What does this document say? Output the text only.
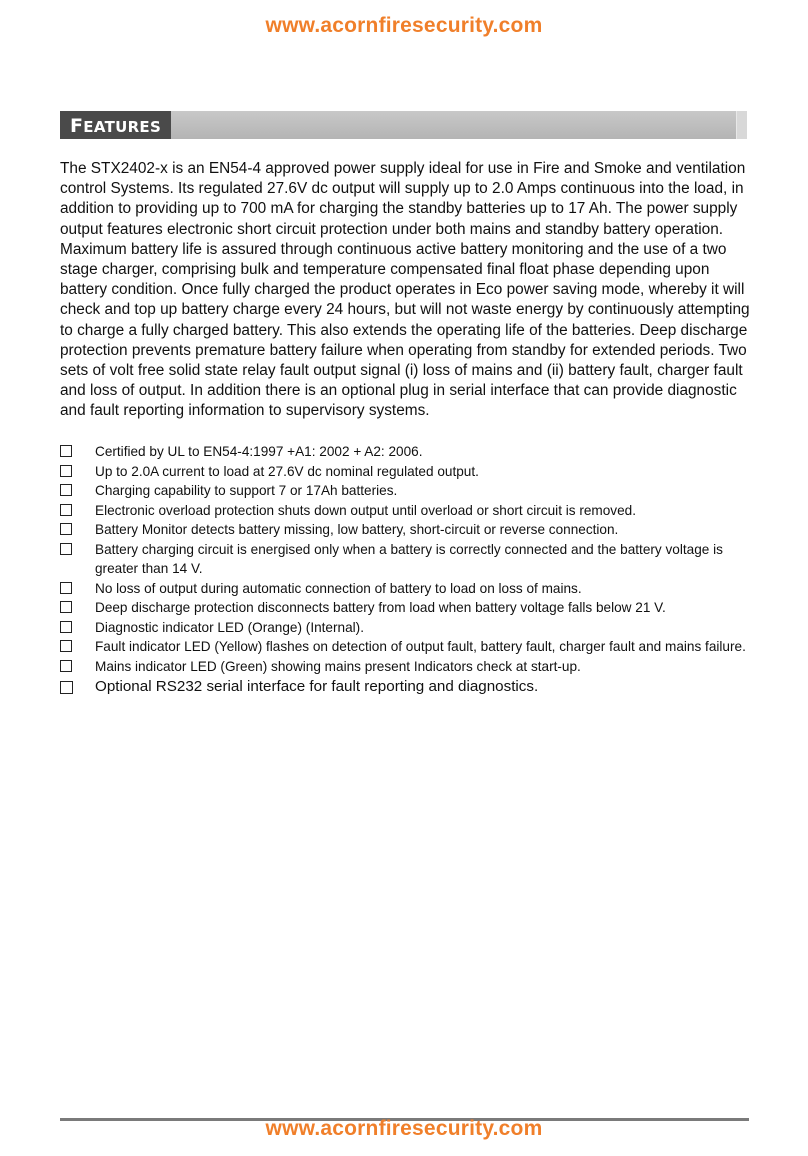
www.acornfiresecurity.com
FEATURES

The STX2402-x is an EN54-4 approved power supply ideal for use in Fire and Smoke and ventilation control Systems. Its regulated 27.6V dc output will supply up to 2.0 Amps continuous into the load, in addition to providing up to 700 mA for charging the standby batteries up to 17 Ah. The power supply output features electronic short circuit protection under both mains and standby battery operation. Maximum battery life is assured through continuous active battery monitoring and the use of a two stage charger, comprising bulk and temperature compensated final float phase depending upon battery condition. Once fully charged the product operates in Eco power saving mode, whereby it will check and top up battery charge every 24 hours, but will not waste energy by continuously attempting to charge a fully charged battery. This also extends the operating life of the batteries. Deep discharge protection prevents premature battery failure when operating from standby for extended periods. Two sets of volt free solid state relay fault output signal (i) loss of mains and (ii) battery fault, charger fault and loss of output. In addition there is an optional plug in serial interface that can provide diagnostic and fault reporting information to supervisory systems.

Certified by UL to EN54-4:1997 +A1: 2002 + A2: 2006.
Up to 2.0A current to load at 27.6V dc nominal regulated output.
Charging capability to support 7 or 17Ah batteries.
Electronic overload protection shuts down output until overload or short circuit is removed.
Battery Monitor detects battery missing, low battery, short-circuit or reverse connection.
Battery charging circuit is energised only when a battery is correctly connected and the battery voltage is greater than 14 V.
No loss of output during automatic connection of battery to load on loss of mains.
Deep discharge protection disconnects battery from load when battery voltage falls below 21 V.
Diagnostic indicator LED (Orange) (Internal).
Fault indicator LED (Yellow) flashes on detection of output fault, battery fault, charger fault and mains failure.
Mains indicator LED (Green) showing mains present Indicators check at start-up.
Optional RS232 serial interface for fault reporting and diagnostics.
www.acornfiresecurity.com
